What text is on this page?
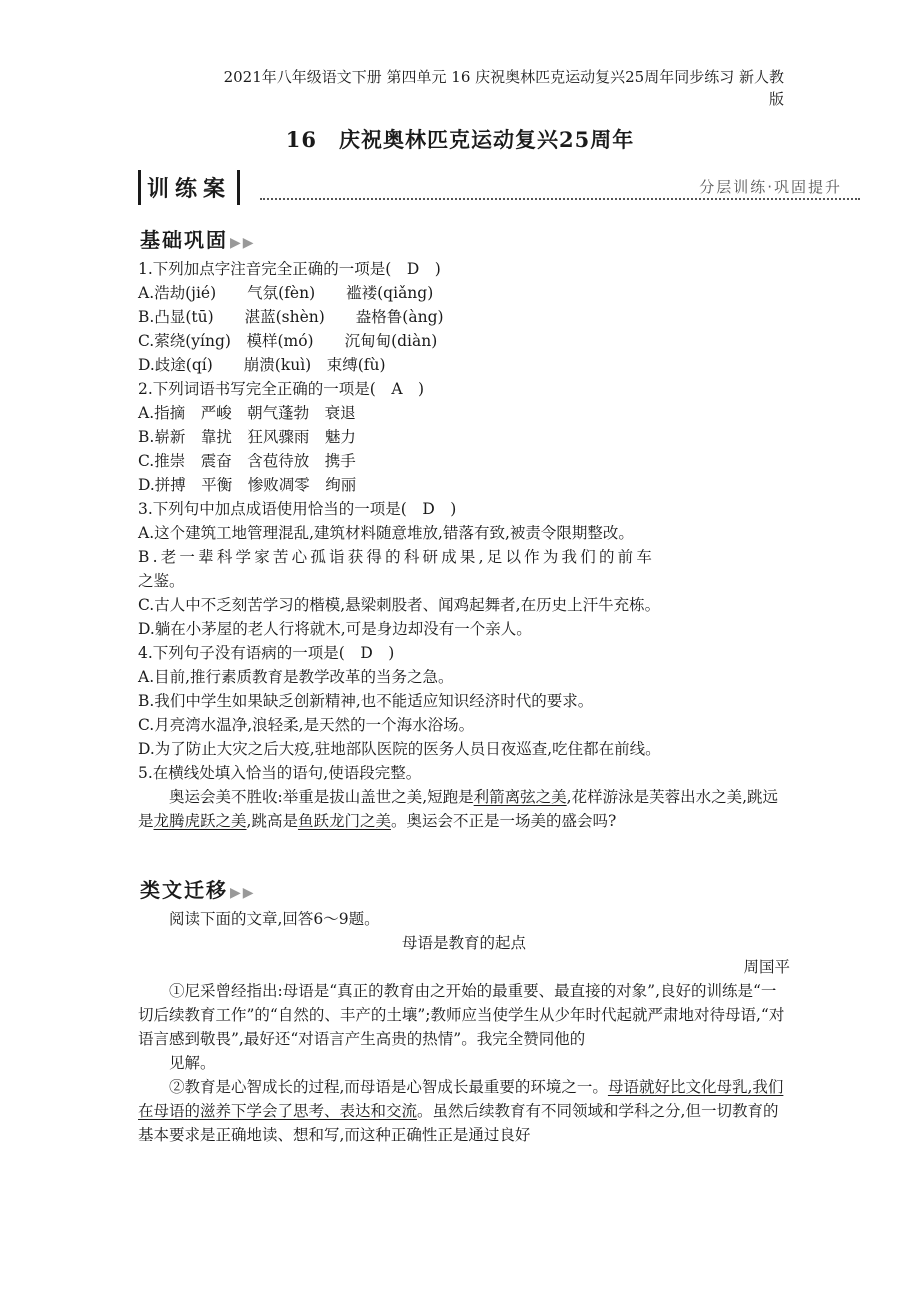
2021年八年级语文下册 第四单元 16 庆祝奥林匹克运动复兴25周年同步练习 新人教
版
16　庆祝奥林匹克运动复兴25周年
训练案	分层训练·巩固提升
基础巩固 ▶▶
1.下列加点字注音完全正确的一项是(　D　)
A.浩劫(jié)　　气氛(fèn)　　褴褛(qiǎng)
B.凸显(tū)　　湛蓝(shèn)　　盎格鲁(àng)
C.萦绕(yíng)　模样(mó)　　沉甸甸(diàn)
D.歧途(qí)　　崩溃(kuì)　束缚(fù)
2.下列词语书写完全正确的一项是(　A　)
A.指摘　严峻　朝气蓬勃　衰退
B.崭新　靠扰　狂风骤雨　魅力
C.推崇　震奋　含苞待放　携手
D.拼搏　平衡　惨败凋零　绚丽
3.下列句中加点成语使用恰当的一项是(　D　)
A.这个建筑工地管理混乱,建筑材料随意堆放,错落有致,被责令限期整改。
B.老一辈科学家苦心孤诣获得的科研成果,足以作为我们的前车
之鉴。
C.古人中不乏刻苦学习的楷模,悬梁刺股者、闻鸡起舞者,在历史上汗牛充栋。
D.躺在小茅屋的老人行将就木,可是身边却没有一个亲人。
4.下列句子没有语病的一项是(　D　)
A.目前,推行素质教育是教学改革的当务之急。
B.我们中学生如果缺乏创新精神,也不能适应知识经济时代的要求。
C.月亮湾水温净,浪轻柔,是天然的一个海水浴场。
D.为了防止大灾之后大疫,驻地部队医院的医务人员日夜巡查,吃住都在前线。
5.在横线处填入恰当的语句,使语段完整。
奥运会美不胜收:举重是拔山盖世之美,短跑是利箭离弦之美,花样游泳是芙蓉出水之美,跳远是龙腾虎跃之美,跳高是鱼跃龙门之美。奥运会不正是一场美的盛会吗?
类文迁移 ▶▶
阅读下面的文章,回答6～9题。
母语是教育的起点
周国平
①尼采曾经指出:母语是“真正的教育由之开始的最重要、最直接的对象”,良好的训练是“一切后续教育工作”的“自然的、丰产的土壤”;教师应当使学生从少年时代起就严肃地对待母语,“对语言感到敬畏”,最好还“对语言产生高贵的热情”。我完全赞同他的
见解。
②教育是心智成长的过程,而母语是心智成长最重要的环境之一。母语就好比文化母乳,我们在母语的滋养下学会了思考、表达和交流。虽然后续教育有不同领域和学科之分,但一切教育的基本要求是正确地读、想和写,而这种正确性正是通过良好
